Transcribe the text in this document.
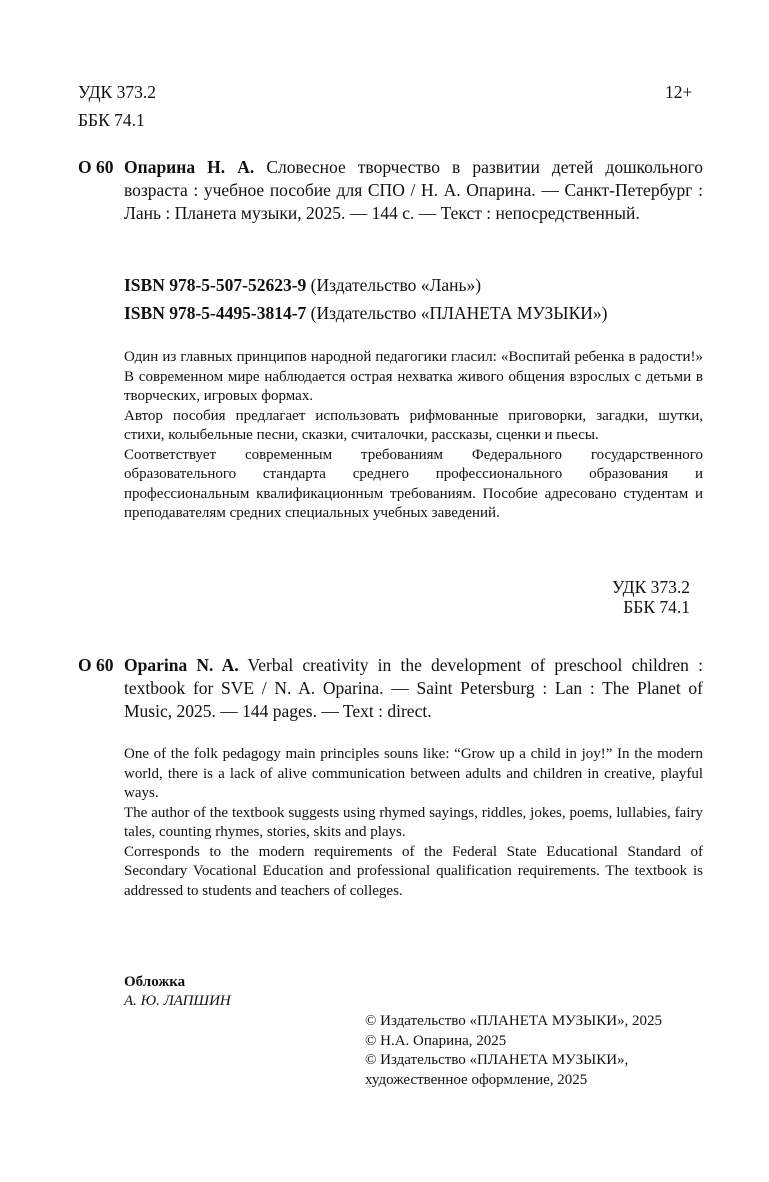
УДК 373.2	12+
ББК 74.1
О 60 Опарина Н. А. Словесное творчество в развитии детей дошкольного возраста : учебное пособие для СПО / Н. А. Опарина. — Санкт-Петербург : Лань : Планета музыки, 2025. — 144 с. — Текст : непосредственный.
ISBN 978-5-507-52623-9 (Издательство «Лань»)
ISBN 978-5-4495-3814-7 (Издательство «ПЛАНЕТА МУЗЫКИ»)

Один из главных принципов народной педагогики гласил: «Воспитай ребенка в радости!» В современном мире наблюдается острая нехватка живого общения взрослых с детьми в творческих, игровых формах.

Автор пособия предлагает использовать рифмованные приговорки, загадки, шутки, стихи, колыбельные песни, сказки, считалочки, рассказы, сценки и пьесы.

Соответствует современным требованиям Федерального государственного образовательного стандарта среднего профессионального образования и профессиональным квалификационным требованиям. Пособие адресовано студентам и преподавателям средних специальных учебных заведений.

УДК 373.2
ББК 74.1
O 60 Oparina N. A. Verbal creativity in the development of preschool children : textbook for SVE / N. A. Oparina. — Saint Petersburg : Lan : The Planet of Music, 2025. — 144 pages. — Text : direct.

One of the folk pedagogy main principles souns like: “Grow up a child in joy!” In the modern world, there is a lack of alive communication between adults and children in creative, playful ways.

The author of the textbook suggests using rhymed sayings, riddles, jokes, poems, lullabies, fairy tales, counting rhymes, stories, skits and plays.

Corresponds to the modern requirements of the Federal State Educational Standard of Secondary Vocational Education and professional qualification requirements. The textbook is addressed to students and teachers of colleges.

Обложка
А. Ю. ЛАПШИН
© Издательство «ПЛАНЕТА МУЗЫКИ», 2025
© Н.А. Опарина, 2025
© Издательство «ПЛАНЕТА МУЗЫКИ»,
художественное оформление, 2025
